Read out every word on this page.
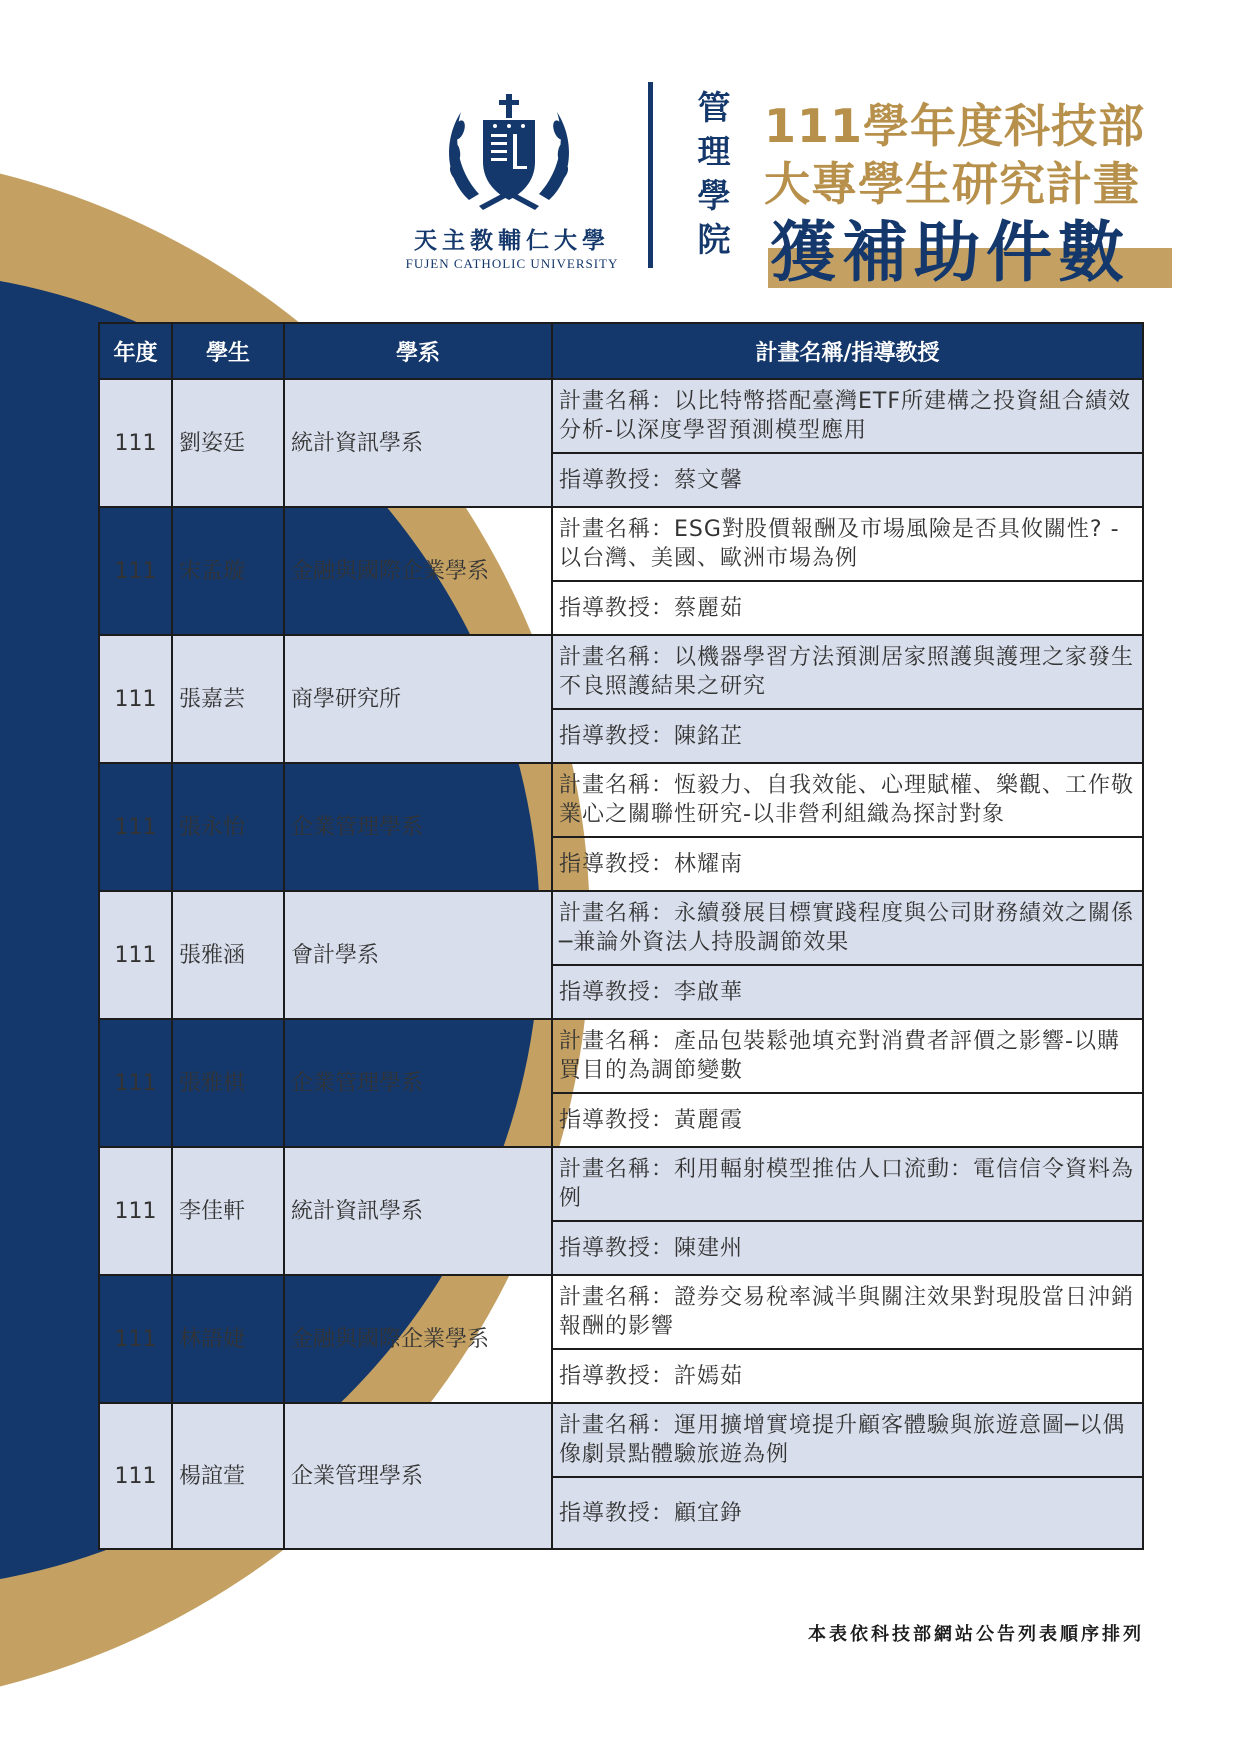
天主教輔仁大學
FUJEN CATHOLIC UNIVERSITY
管理學院
111學年度科技部
大專學生研究計畫
獲補助件數
年度	學生	學系	計畫名稱/指導教授
111	劉姿廷	統計資訊學系	計畫名稱：以比特幣搭配臺灣ETF所建構之投資組合績效分析-以深度學習預測模型應用
			指導教授：蔡文馨
111	宋孟璇	金融與國際企業學系	計畫名稱：ESG對股價報酬及市場風險是否具攸關性? -以台灣、美國、歐洲市場為例
			指導教授：蔡麗茹
111	張嘉芸	商學研究所	計畫名稱：以機器學習方法預測居家照護與護理之家發生不良照護結果之研究
			指導教授：陳銘芷
111	張永怡	企業管理學系	計畫名稱：恆毅力、自我效能、心理賦權、樂觀、工作敬業心之關聯性研究-以非營利組織為探討對象
			指導教授：林耀南
111	張雅涵	會計學系	計畫名稱：永續發展目標實踐程度與公司財務績效之關係─兼論外資法人持股調節效果
			指導教授：李啟華
111	張雅棋	企業管理學系	計畫名稱：產品包裝鬆弛填充對消費者評價之影響-以購買目的為調節變數
			指導教授：黃麗霞
111	李佳軒	統計資訊學系	計畫名稱：利用輻射模型推估人口流動：電信信令資料為例
			指導教授：陳建州
111	林語婕	金融與國際企業學系	計畫名稱：證券交易稅率減半與關注效果對現股當日沖銷報酬的影響
			指導教授：許嫣茹
111	楊誼萱	企業管理學系	計畫名稱：運用擴增實境提升顧客體驗與旅遊意圖─以偶像劇景點體驗旅遊為例
			指導教授：顧宜錚
本表依科技部網站公告列表順序排列
